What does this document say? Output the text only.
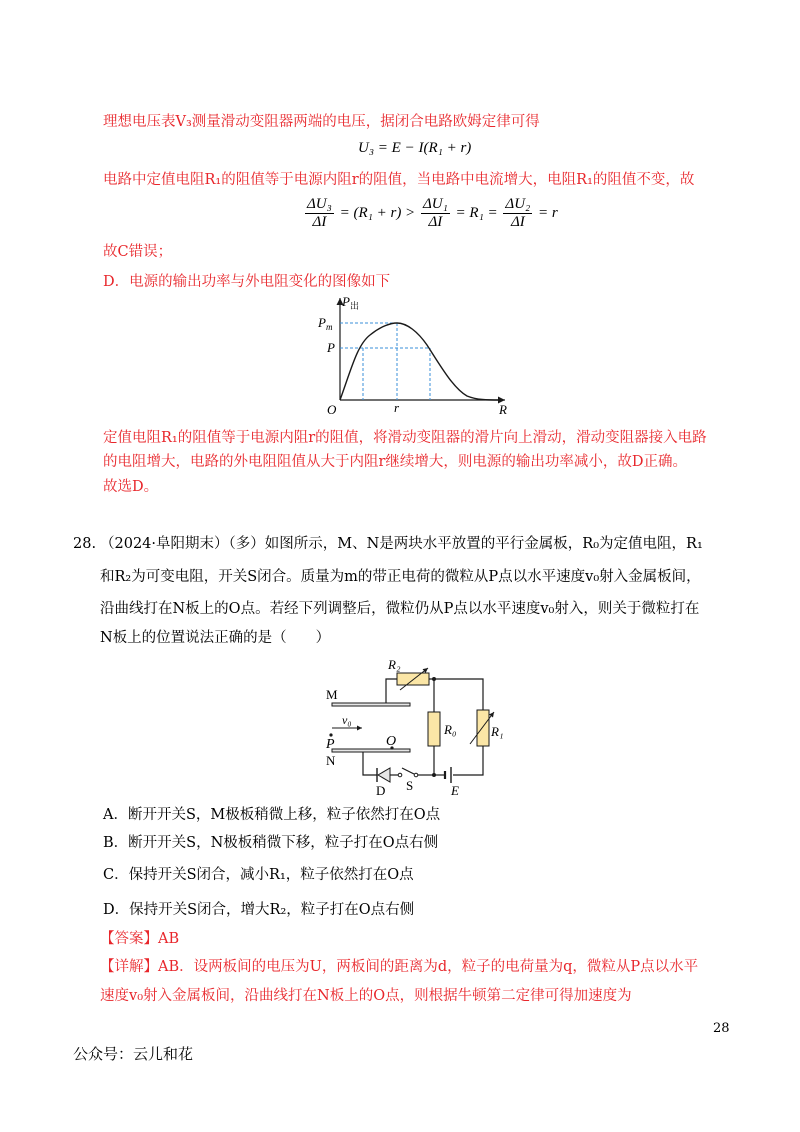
理想电压表V₃测量滑动变阻器两端的电压，据闭合电路欧姆定律可得
U₃ = E − I(R₁ + r)
电路中定值电阻R₁的阻值等于电源内阻r的阻值，当电路中电流增大，电阻R₁的阻值不变，故
$\frac{\text{ΔU₃}}{\Delta I} = (R_1 + r) > \frac{\text{ΔU₁}}{\Delta I} = R_1 = \frac{\text{ΔU₂}}{\Delta I} = r$
故C错误；
D．电源的输出功率与外电阻变化的图像如下
$P_出$
$P_m$
P
O	r	R
定值电阻R₁的阻值等于电源内阻r的阻值，将滑动变阻器的滑片向上滑动，滑动变阻器接入电路
的电阻增大，电路的外电阻阻值从大于内阻r继续增大，则电源的输出功率减小，故D正确。
故选D。
28. （2024·阜阳期末）（多）如图所示，M、N是两块水平放置的平行金属板，R₀为定值电阻，R₁
和R₂为可变电阻，开关S闭合。质量为m的带正电荷的微粒从P点以水平速度v₀射入金属板间，
沿曲线打在N板上的O点。若经下列调整后，微粒仍从P点以水平速度v₀射入，则关于微粒打在
N板上的位置说法正确的是（　　）
R₂
M
v₀
P	O
N
R₀	R₁
D S	E
A．断开开关S，M极板稍微上移，粒子依然打在O点
B．断开开关S，N极板稍微下移，粒子打在O点右侧
C．保持开关S闭合，减小R₁，粒子依然打在O点
D．保持开关S闭合，增大R₂，粒子打在O点右侧
【答案】AB
【详解】AB．设两板间的电压为U，两板间的距离为d，粒子的电荷量为q，微粒从P点以水平
速度v₀射入金属板间，沿曲线打在N板上的O点，则根据牛顿第二定律可得加速度为
28
公众号：云儿和花
